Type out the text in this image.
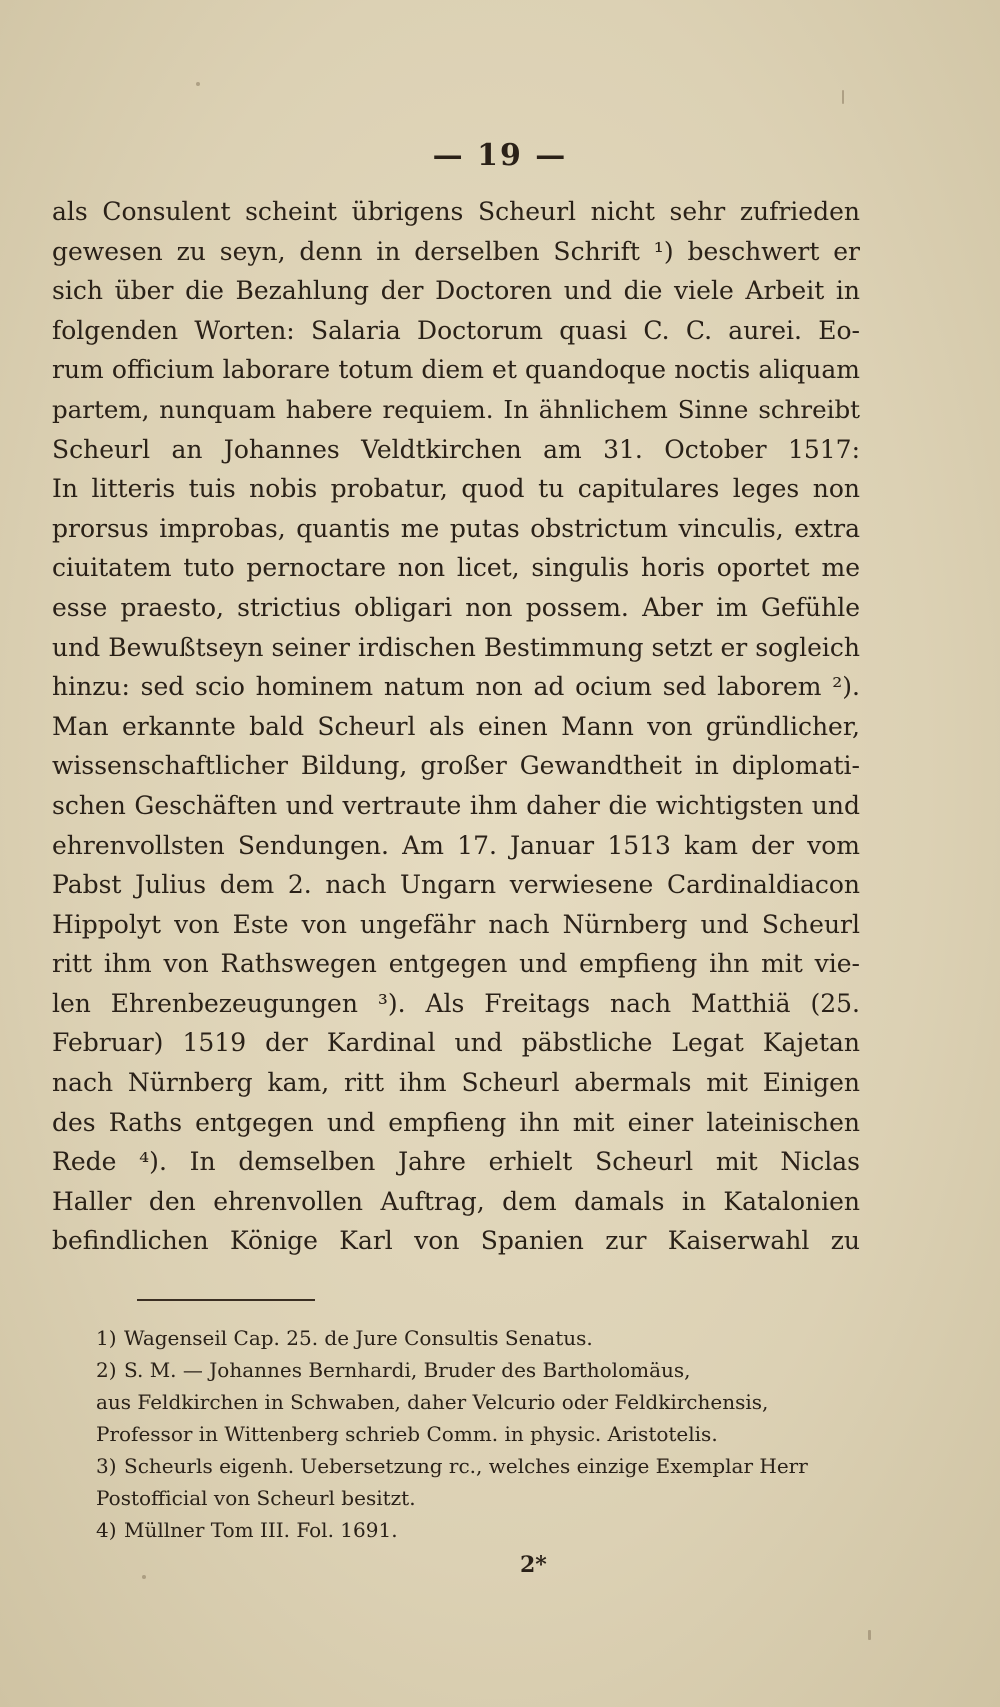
— 19 —
als Consulent scheint übrigens Scheurl nicht sehr zufrieden
gewesen zu seyn, denn in derselben Schrift ¹) beschwert er
sich über die Bezahlung der Doctoren und die viele Arbeit in
folgenden Worten: Salaria Doctorum quasi C. C. aurei. Eo-
rum officium laborare totum diem et quandoque noctis aliquam
partem, nunquam habere requiem. In ähnlichem Sinne schreibt
Scheurl an Johannes Veldtkirchen am 31. October 1517:
In litteris tuis nobis probatur, quod tu capitulares leges non
prorsus improbas, quantis me putas obstrictum vinculis, extra
ciuitatem tuto pernoctare non licet, singulis horis oportet me
esse praesto, strictius obligari non possem. Aber im Gefühle
und Bewußtseyn seiner irdischen Bestimmung setzt er sogleich
hinzu: sed scio hominem natum non ad ocium sed laborem ²).
Man erkannte bald Scheurl als einen Mann von gründlicher,
wissenschaftlicher Bildung, großer Gewandtheit in diplomati-
schen Geschäften und vertraute ihm daher die wichtigsten und
ehrenvollsten Sendungen. Am 17. Januar 1513 kam der vom
Pabst Julius dem 2. nach Ungarn verwiesene Cardinaldiacon
Hippolyt von Este von ungefähr nach Nürnberg und Scheurl
ritt ihm von Rathswegen entgegen und empfieng ihn mit vie-
len Ehrenbezeugungen ³). Als Freitags nach Matthiä (25.
Februar) 1519 der Kardinal und päbstliche Legat Kajetan
nach Nürnberg kam, ritt ihm Scheurl abermals mit Einigen
des Raths entgegen und empfieng ihn mit einer lateinischen
Rede ⁴). In demselben Jahre erhielt Scheurl mit Niclas
Haller den ehrenvollen Auftrag, dem damals in Katalonien
befindlichen Könige Karl von Spanien zur Kaiserwahl zu
1) Wagenseil Cap. 25. de Jure Consultis Senatus.
2) S. M. — Johannes Bernhardi, Bruder des Bartholomäus,
aus Feldkirchen in Schwaben, daher Velcurio oder Feldkirchensis,
Professor in Wittenberg schrieb Comm. in physic. Aristotelis.
3) Scheurls eigenh. Uebersetzung rc., welches einzige Exemplar Herr
Postofficial von Scheurl besitzt.
4) Müllner Tom III. Fol. 1691.
2*
